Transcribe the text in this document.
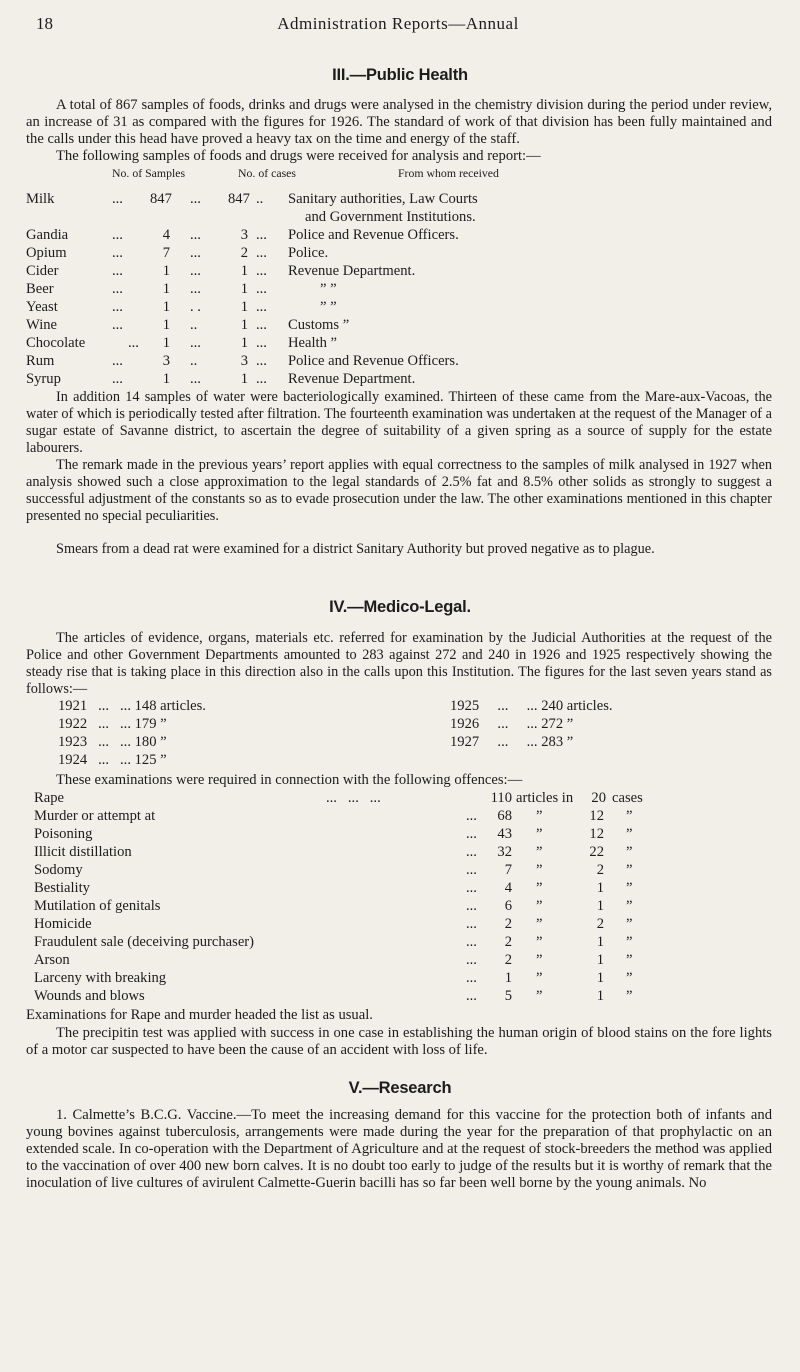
18	Administration Reports—Annual
III.—Public Health

A total of 867 samples of foods, drinks and drugs were analysed in the chemistry division during the period under review, an increase of 31 as compared with the figures for 1926. The standard of work of that division has been fully maintained and the calls under this head have proved a heavy tax on the time and energy of the staff.

The following samples of foods and drugs were received for analysis and report:—

No. of Samples	No. of cases	From whom received
Milk	... 847 ... 847 .. Sanitary authorities, Law Courts
and Government Institutions.
Gandia	...	4 ...	3 ... Police and Revenue Officers.
Opium	...	7 ...	2 ... Police.
Cider	...	1 ...	1 ... Revenue Department.
Beer	...	1 ...	1 ...	” ”
Yeast	...	1 . .	1 ...	” ”
Wine	...	1 ..	1 ... Customs ”
Chocolate	...	1 ...	1 ... Health ”
Rum	...	3 ..	3 ... Police and Revenue Officers.
Syrup	...	1 ...	1 ... Revenue Department.

In addition 14 samples of water were bacteriologically examined. Thirteen of these came from the Mare-aux-Vacoas, the water of which is periodically tested after filtration. The fourteenth examination was undertaken at the request of the Manager of a sugar estate of Savanne district, to ascertain the degree of suitability of a given spring as a source of supply for the estate labourers.

The remark made in the previous years’ report applies with equal correctness to the samples of milk analysed in 1927 when analysis showed such a close approximation to the legal standards of 2.5% fat and 8.5% other solids as strongly to suggest a successful adjustment of the constants so as to evade prosecution under the law. The other examinations mentioned in this chapter presented no special peculiarities.

Smears from a dead rat were examined for a district Sanitary Authority but proved negative as to plague.

IV.—Medico-Legal.

The articles of evidence, organs, materials etc. referred for examination by the Judicial Authorities at the request of the Police and other Government Departments amounted to 283 against 272 and 240 in 1926 and 1925 respectively showing the steady rise that is taking place in this direction also in the calls upon this Institution. The figures for the last seven years stand as follows:—

1921   ...   ... 148 articles.
1922   ...   ... 179 ”
1923   ...   ... 180 ”
1924   ...   ... 125 ”
1925     ...     ... 240 articles.
1926     ...     ... 272 ”
1927     ...     ... 283 ”

These examinations were required in connection with the following offences:—

Rape	...   ...   ...	110 articles in	20 cases
Murder or attempt at	...	68 ”	12 ”
Poisoning	...	43 ”	12 ”
Illicit distillation	...	32 ”	22 ”
Sodomy	...	7 ”	2 ”
Bestiality	...	4 ”	1 ”
Mutilation of genitals	...	6 ”	1 ”
Homicide	...	2 ”	2 ”
Fraudulent sale (deceiving purchaser)	...	2 ”	1 ”
Arson	...	2 ”	1 ”
Larceny with breaking	...	1 ”	1 ”
Wounds and blows	...	5 ”	1 ”

Examinations for Rape and murder headed the list as usual.

The precipitin test was applied with success in one case in establishing the human origin of blood stains on the fore lights of a motor car suspected to have been the cause of an accident with loss of life.

V.—Research

1. Calmette’s B.C.G. Vaccine.—To meet the increasing demand for this vaccine for the protection both of infants and young bovines against tuberculosis, arrangements were made during the year for the preparation of that prophylactic on an extended scale. In co-operation with the Department of Agriculture and at the request of stock-breeders the method was applied to the vaccination of over 400 new born calves. It is no doubt too early to judge of the results but it is worthy of remark that the inoculation of live cultures of avirulent Calmette-Guerin bacilli has so far been well borne by the young animals. No
